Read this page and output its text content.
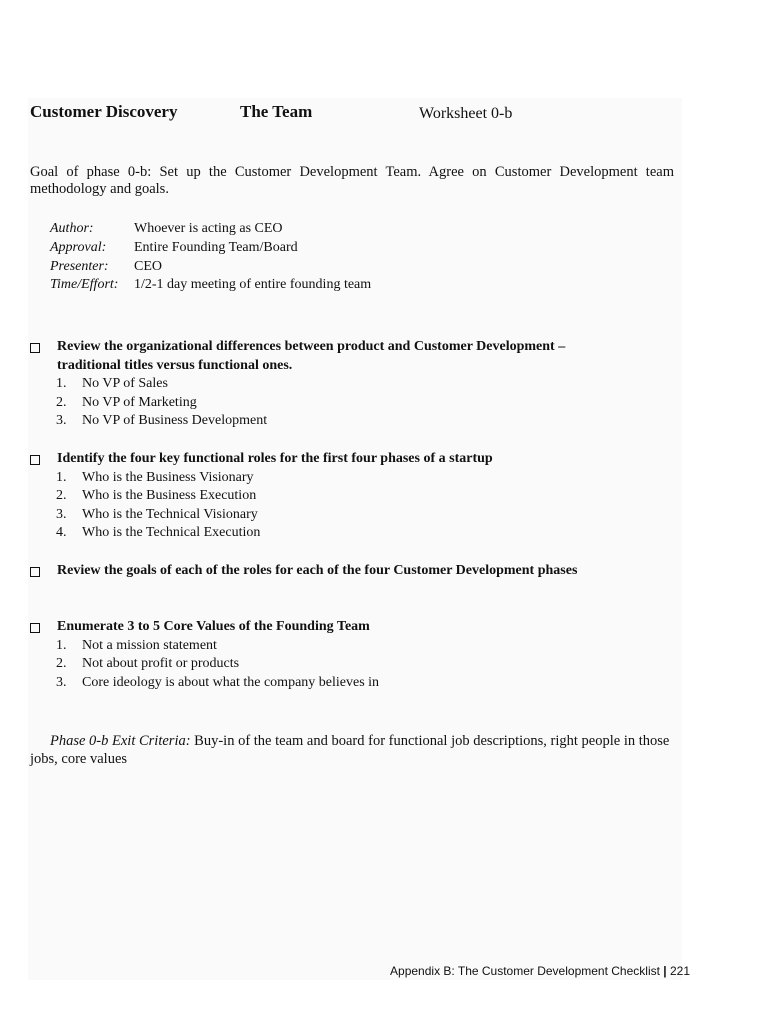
Customer Discovery	The Team	Worksheet 0-b
Goal of phase 0-b: Set up the Customer Development Team. Agree on Customer Development team methodology and goals.
Author:	Whoever is acting as CEO
Approval:	Entire Founding Team/Board
Presenter:	CEO
Time/Effort:	1/2-1 day meeting of entire founding team
Review the organizational differences between product and Customer Development – traditional titles versus functional ones.
1.	No VP of Sales
2.	No VP of Marketing
3.	No VP of Business Development
Identify the four key functional roles for the first four phases of a startup
1.	Who is the Business Visionary
2.	Who is the Business Execution
3.	Who is the Technical Visionary
4.	Who is the Technical Execution
Review the goals of each of the roles for each of the four Customer Development phases
Enumerate 3 to 5 Core Values of the Founding Team
1.	Not a mission statement
2.	Not about profit or products
3.	Core ideology is about what the company believes in
Phase 0-b Exit Criteria: Buy-in of the team and board for functional job descriptions, right people in those jobs, core values
Appendix B: The Customer Development Checklist | 221
